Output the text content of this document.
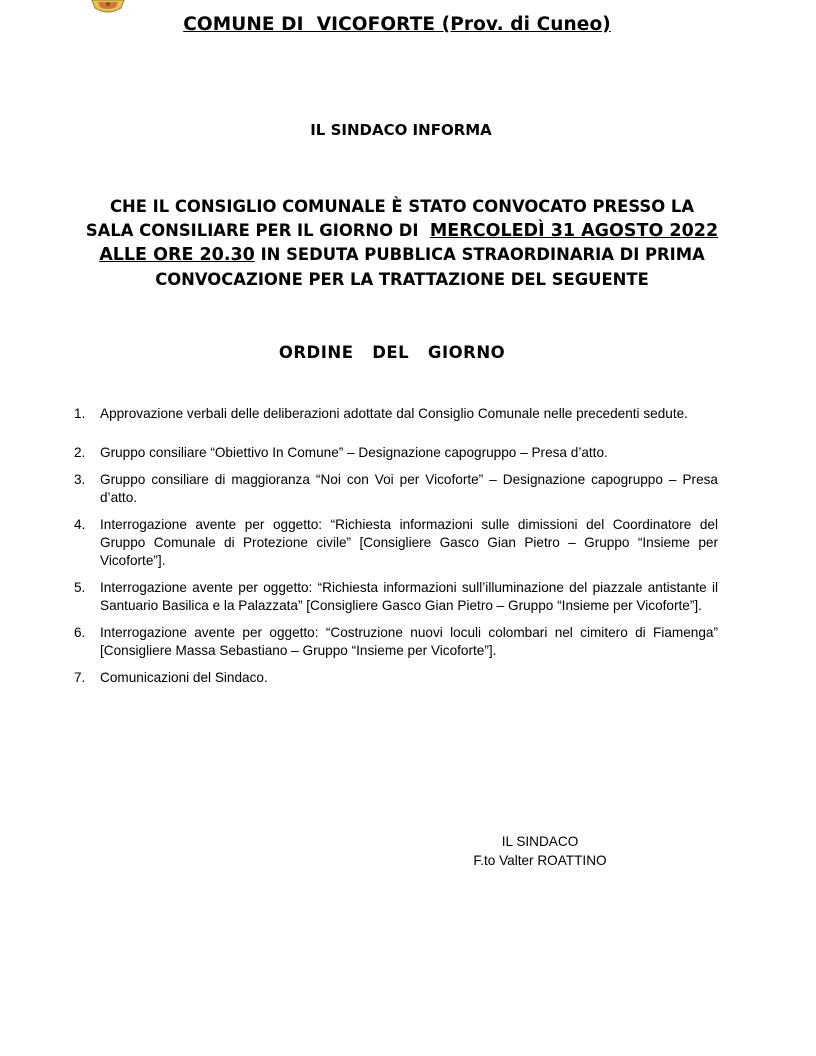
COMUNE DI  VICOFORTE (Prov. di Cuneo)
IL SINDACO INFORMA
CHE IL CONSIGLIO COMUNALE È STATO CONVOCATO PRESSO LA
SALA CONSILIARE PER IL GIORNO DI  MERCOLEDÌ 31 AGOSTO 2022
ALLE ORE 20.30 IN SEDUTA PUBBLICA STRAORDINARIA DI PRIMA
CONVOCAZIONE PER LA TRATTAZIONE DEL SEGUENTE
ORDINE   DEL   GIORNO
1. Approvazione verbali delle deliberazioni adottate dal Consiglio Comunale nelle precedenti sedute.
2. Gruppo consiliare “Obiettivo In Comune” – Designazione capogruppo – Presa d’atto.
3. Gruppo consiliare di maggioranza “Noi con Voi per Vicoforte” – Designazione capogruppo – Presa d’atto.
4. Interrogazione avente per oggetto: “Richiesta informazioni sulle dimissioni del Coordinatore del Gruppo Comunale di Protezione civile” [Consigliere Gasco Gian Pietro – Gruppo “Insieme per Vicoforte”].
5. Interrogazione avente per oggetto: “Richiesta informazioni sull’illuminazione del piazzale antistante il Santuario Basilica e la Palazzata” [Consigliere Gasco Gian Pietro – Gruppo “Insieme per Vicoforte”].
6. Interrogazione avente per oggetto: “Costruzione nuovi loculi colombari nel cimitero di Fiamenga” [Consigliere Massa Sebastiano – Gruppo “Insieme per Vicoforte”].
7. Comunicazioni del Sindaco.
IL SINDACO
F.to Valter ROATTINO
